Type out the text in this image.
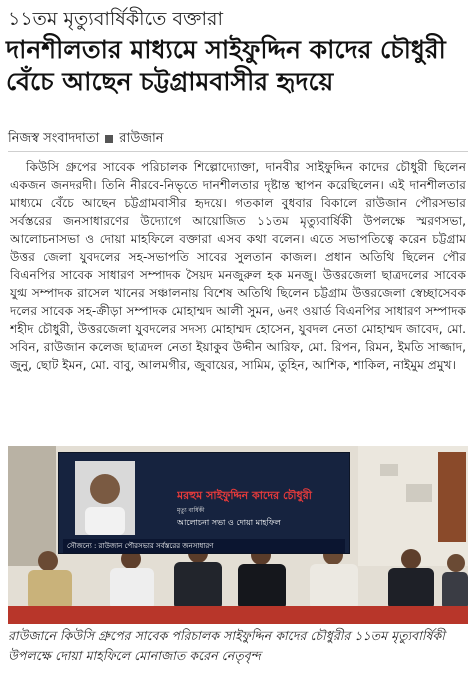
১১তম মৃত্যুবার্ষিকীতে বক্তারা
দানশীলতার মাধ্যমে সাইফুদ্দিন কাদের চৌধুরী বেঁচে আছেন চট্টগ্রামবাসীর হৃদয়ে
নিজস্ব সংবাদদাতা রাউজান

কিউসি গ্রুপের সাবেক পরিচালক শিল্পোদ্যোক্তা, দানবীর সাইফুদ্দিন কাদের চৌধুরী ছিলেন একজন জনদরদী। তিনি নীরবে-নিভৃতে দানশীলতার দৃষ্টান্ত স্থাপন করেছিলেন। এই দানশীলতার মাধ্যমে বেঁচে আছেন চট্টগ্রামবাসীর হৃদয়ে। গতকাল বুধবার বিকালে রাউজান পৌরসভার সর্বস্তরের জনসাধারণের উদ্যোগে আয়োজিত ১১তম মৃত্যুবার্ষিকী উপলক্ষে স্মরণসভা, আলোচনাসভা ও দোয়া মাহফিলে বক্তারা এসব কথা বলেন। এতে সভাপতিত্বে করেন চট্টগ্রাম উত্তর জেলা যুবদলের সহ-সভাপতি সাবের সুলতান কাজল। প্রধান অতিথি ছিলেন পৌর বিএনপির সাবেক সাধারণ সম্পাদক সৈয়দ মনজুরুল হক মনজু। উত্তরজেলা ছাত্রদলের সাবেক যুগ্ম সম্পাদক রাসেল খানের সঞ্চালনায় বিশেষ অতিথি ছিলেন চট্টগ্রাম উত্তরজেলা স্বেচ্ছাসেবক দলের সাবেক সহ-ক্রীড়া সম্পাদক মোহাম্মদ আলী সুমন, ৬নং ওয়ার্ড বিএনপির সাধারণ সম্পাদক শহীদ চৌধুরী, উত্তরজেলা যুবদলের সদস্য মোহাম্মদ হোসেন, যুবদল নেতা মোহাম্মদ জাবেদ, মো. সবিন, রাউজান কলেজ ছাত্রদল নেতা ইয়াকুব উদ্দীন আরিফ, মো. রিপন, রিমন, ইমতি সাজ্জাদ, জুনু, ছোট ইমন, মো. বাবু, আলমগীর, জুবায়ের, সামিম, তুহিন, আশিক, শাকিল, নাইমুম প্রমুখ।

মরহুম সাইফুদ্দিন কাদের চৌধুরী
মৃত্যু বার্ষিকী
আলোচনা সভা ও দোয়া মাহফিল
সৌজন্যে : রাউজান পৌরসভার সর্বস্তরের জনসাধারণ
রাউজানে কিউসি গ্রুপের সাবেক পরিচালক সাইফুদ্দিন কাদের চৌধুরীর ১১তম মৃত্যুবার্ষিকী উপলক্ষে দোয়া মাহফিলে মোনাজাত করেন নেতৃবৃন্দ
